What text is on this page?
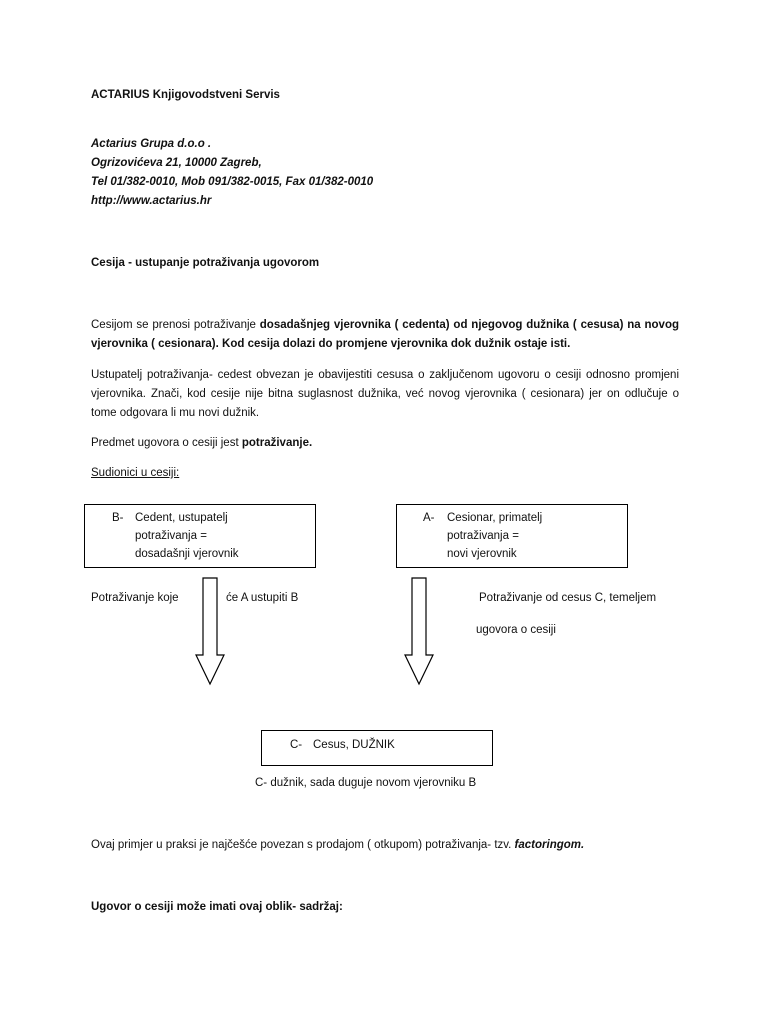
ACTARIUS Knjigovodstveni Servis
Actarius Grupa d.o.o .
Ogrizovićeva 21, 10000 Zagreb,
Tel 01/382-0010, Mob 091/382-0015, Fax 01/382-0010
http://www.actarius.hr
Cesija - ustupanje potraživanja ugovorom
Cesijom se prenosi potraživanje dosadašnjeg vjerovnika ( cedenta) od njegovog dužnika ( cesusa) na novog vjerovnika ( cesionara). Kod cesija dolazi do promjene vjerovnika dok dužnik ostaje isti.
Ustupatelj potraživanja- cedest obvezan je obavijestiti cesusa o zaključenom ugovoru o cesiji odnosno promjeni vjerovnika. Znači, kod cesije nije bitna suglasnost dužnika, već novog vjerovnika ( cesionara) jer on odlučuje o tome odgovara li mu novi dužnik.
Predmet ugovora o cesiji jest potraživanje.
Sudionici u cesiji:
B- Cedent, ustupatelj
potraživanja =
dosadašnji vjerovnik
A- Cesionar, primatelj
potraživanja =
novi vjerovnik
Potraživanje koje	će A ustupiti B	Potraživanje od cesus C, temeljem
ugovora o cesiji
C- Cesus, DUŽNIK
C- dužnik, sada duguje novom vjerovniku B
Ovaj primjer u praksi je najčešće povezan s prodajom ( otkupom) potraživanja- tzv. factoringom.
Ugovor o cesiji može imati ovaj oblik- sadržaj:
